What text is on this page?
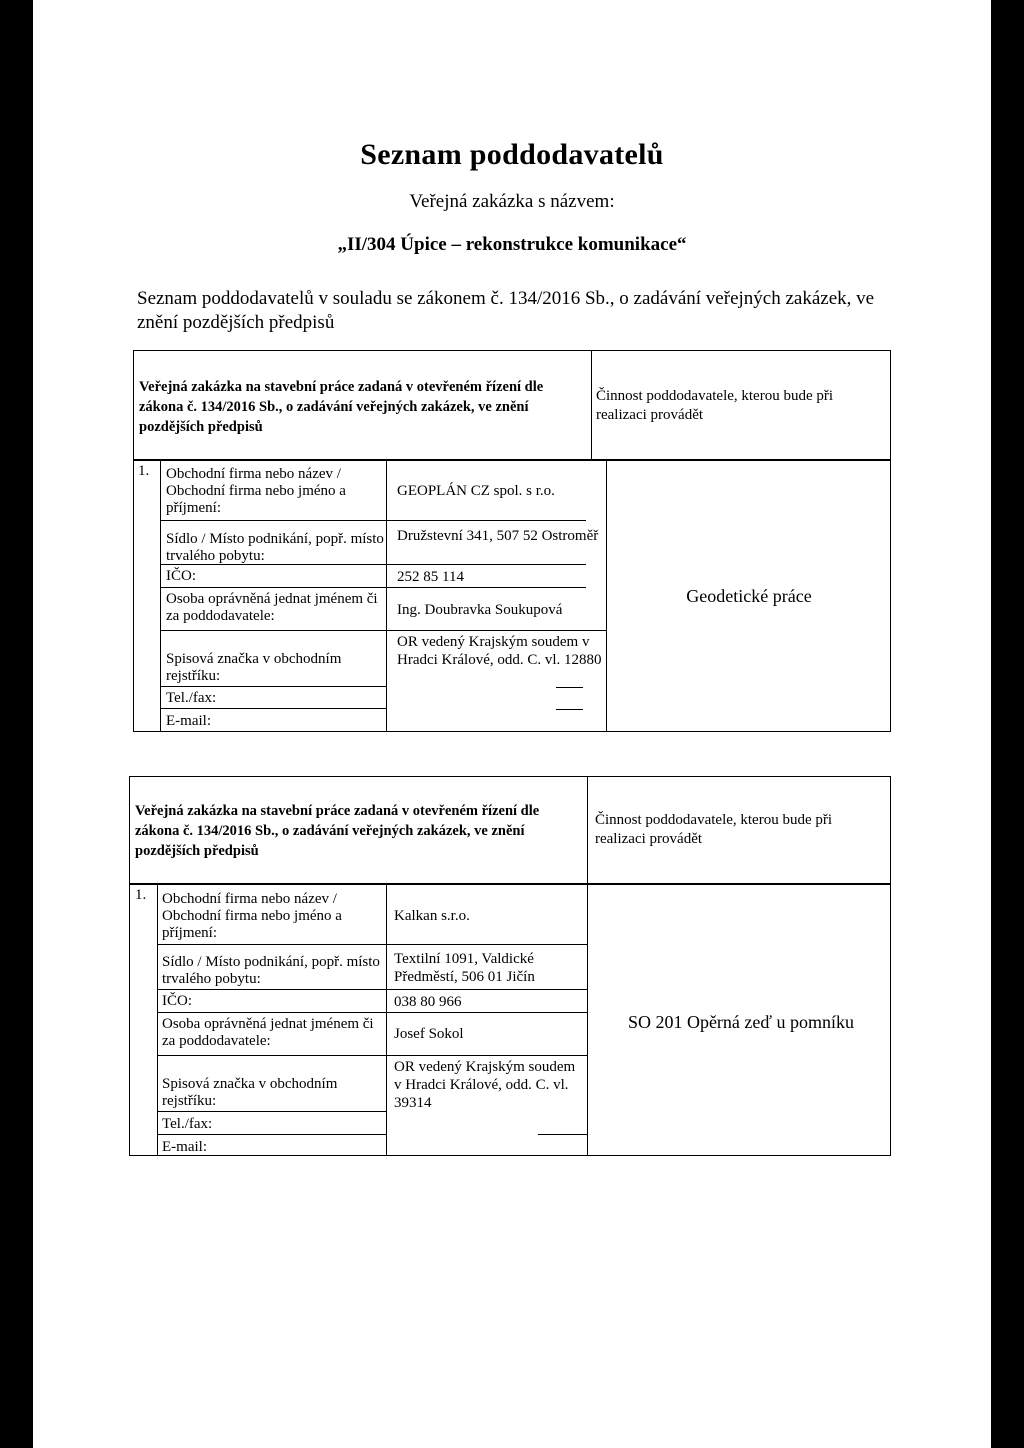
Seznam poddodavatelů
Veřejná zakázka s názvem:
„II/304 Úpice – rekonstrukce komunikace“
Seznam poddodavatelů v souladu se zákonem č. 134/2016 Sb., o zadávání veřejných zakázek, ve znění pozdějších předpisů
Veřejná zakázka na stavební práce zadaná v otevřeném řízení dle zákona č. 134/2016 Sb., o zadávání veřejných zakázek, ve znění pozdějších předpisů
Činnost poddodavatele, kterou bude při realizaci provádět
1. Obchodní firma nebo název / Obchodní firma nebo jméno a příjmení:
Sídlo / Místo podnikání, popř. místo trvalého pobytu:
IČO:
Osoba oprávněná jednat jménem či za poddodavatele:
Spisová značka v obchodním rejstříku:
Tel./fax:
E-mail:
GEOPLÁN CZ spol. s r.o.
Družstevní 341, 507 52 Ostroměř
252 85 114
Ing. Doubravka Soukupová
OR vedený Krajským soudem v Hradci Králové, odd. C. vl. 12880
Geodetické práce
Veřejná zakázka na stavební práce zadaná v otevřeném řízení dle zákona č. 134/2016 Sb., o zadávání veřejných zakázek, ve znění pozdějších předpisů
Činnost poddodavatele, kterou bude při realizaci provádět
1. Obchodní firma nebo název / Obchodní firma nebo jméno a příjmení:
Sídlo / Místo podnikání, popř. místo trvalého pobytu:
IČO:
Osoba oprávněná jednat jménem či za poddodavatele:
Spisová značka v obchodním rejstříku:
Tel./fax:
E-mail:
Kalkan s.r.o.
Textilní 1091, Valdické Předměstí, 506 01 Jičín
038 80 966
Josef Sokol
OR vedený Krajským soudem v Hradci Králové, odd. C. vl. 39314
SO 201 Opěrná zeď u pomníku
